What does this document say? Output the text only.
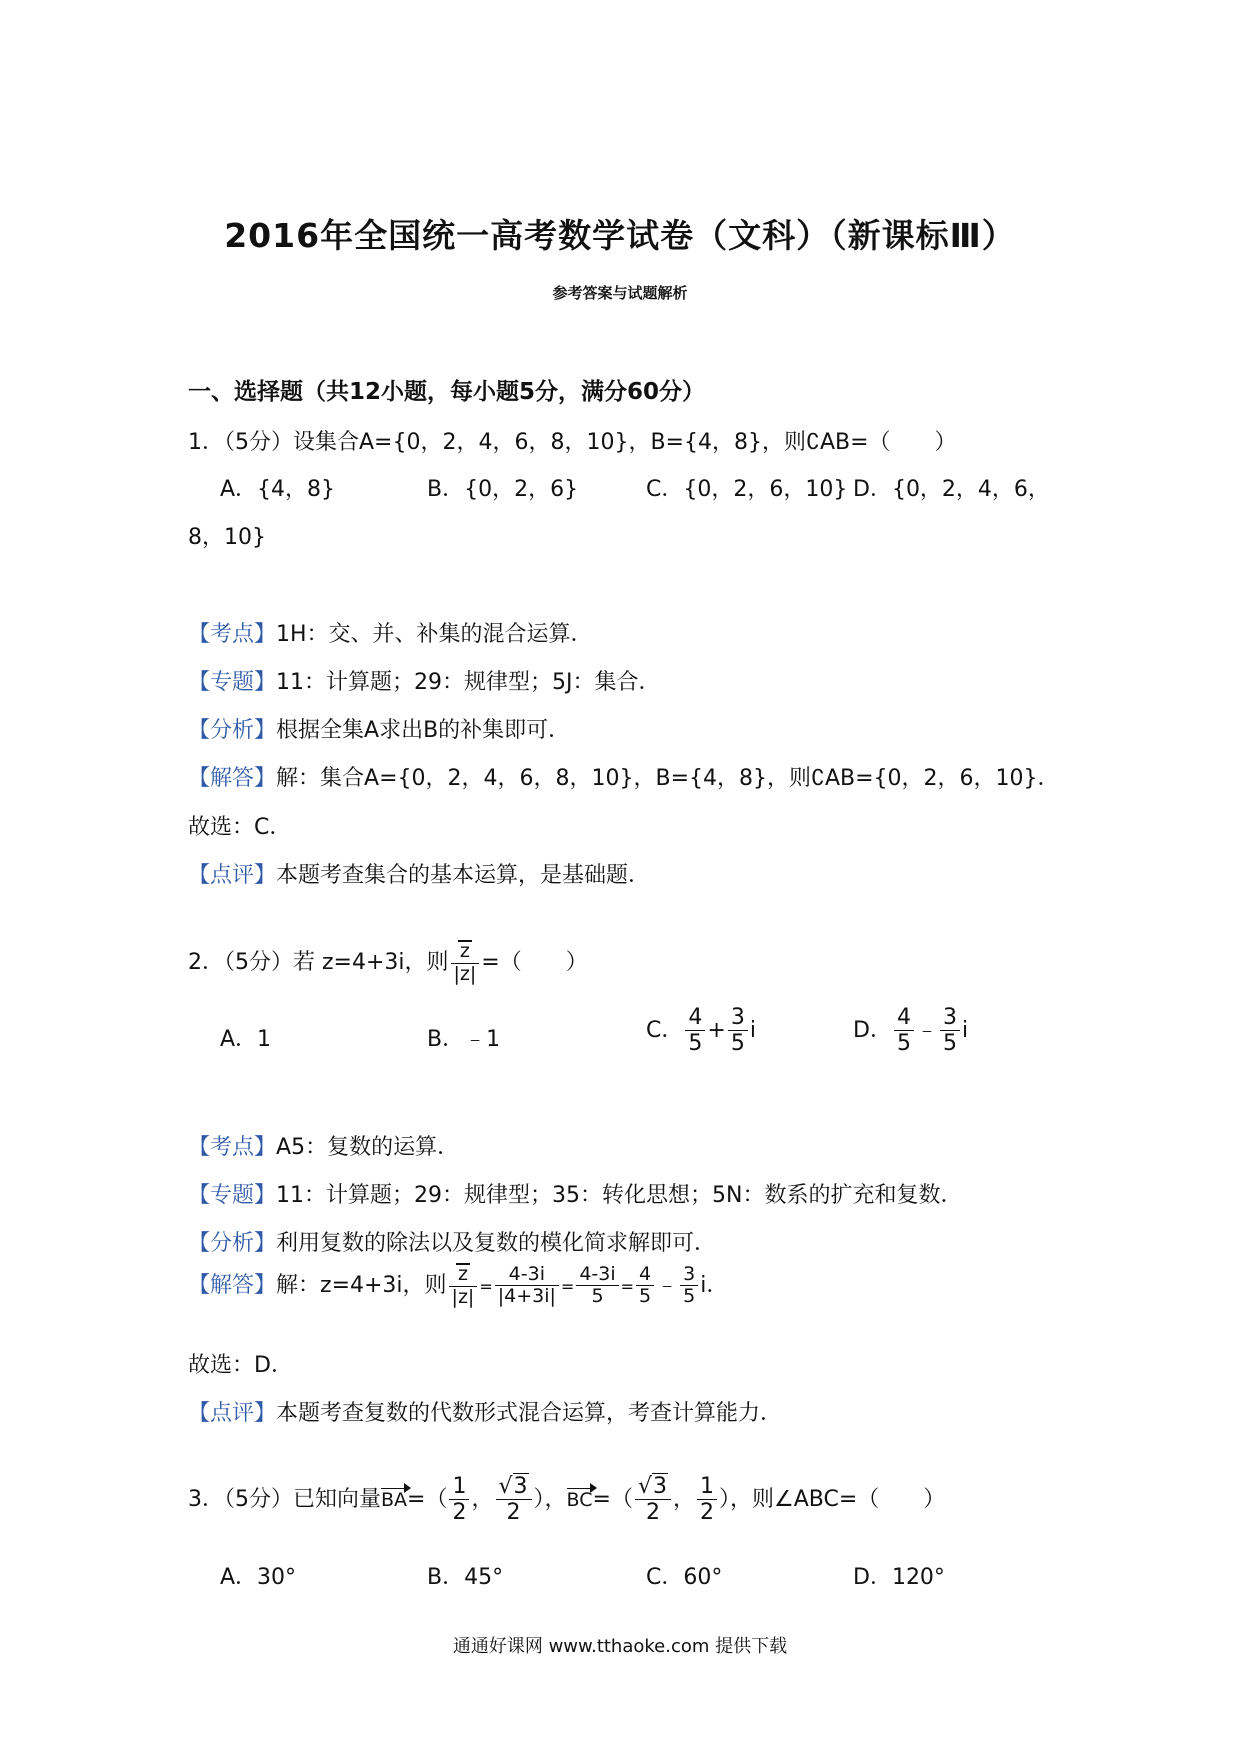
2016年全国统一高考数学试卷（文科）（新课标Ⅲ）
参考答案与试题解析
一、选择题（共12小题，每小题5分，满分60分）
1．（5分）设集合A={0，2，4，6，8，10}，B={4，8}，则∁AB=（　　）
A．{4，8}	B．{0，2，6}	C．{0，2，6，10} D．{0，2，4，6，
8，10}
【考点】1H：交、并、补集的混合运算．
【专题】11：计算题；29：规律型；5J：集合．
【分析】根据全集A求出B的补集即可．
【解答】解：集合A={0，2，4，6，8，10}，B={4，8}，则∁AB={0，2，6，10}．
故选：C．
【点评】本题考查集合的基本运算，是基础题．
2．（5分）若 z=4+3i，则 $\frac{z}{|z|}$ =（　　）
A．1	B．﹣1	C． $\frac{4}{5} + \frac{3}{5}$ i	D． $\frac{4}{5}$ ﹣ $\frac{3}{5}$ i
【考点】A5：复数的运算．
【专题】11：计算题；29：规律型；35：转化思想；5N：数系的扩充和复数．
【分析】利用复数的除法以及复数的模化简求解即可．
【解答】解：z=4+3i，则 $\frac{z}{|z|} = \frac{4-3i}{|4+3i|} = \frac{4-3i}{5} = \frac{4}{5}$ ﹣ $\frac{3}{5}$ i．
故选：D．
【点评】本题考查复数的代数形式混合运算，考查计算能力．
3．（5分）已知向量$BA=( \frac{1}{2}$ ， $\frac{√3}{2}$ ），$BC=( \frac{√3}{2}$ ， $\frac{1}{2}$ ），则∠ABC=（　　）
A．30°	B．45°	C．60°	D．120°
通通好课网 www.tthaoke.com 提供下载
